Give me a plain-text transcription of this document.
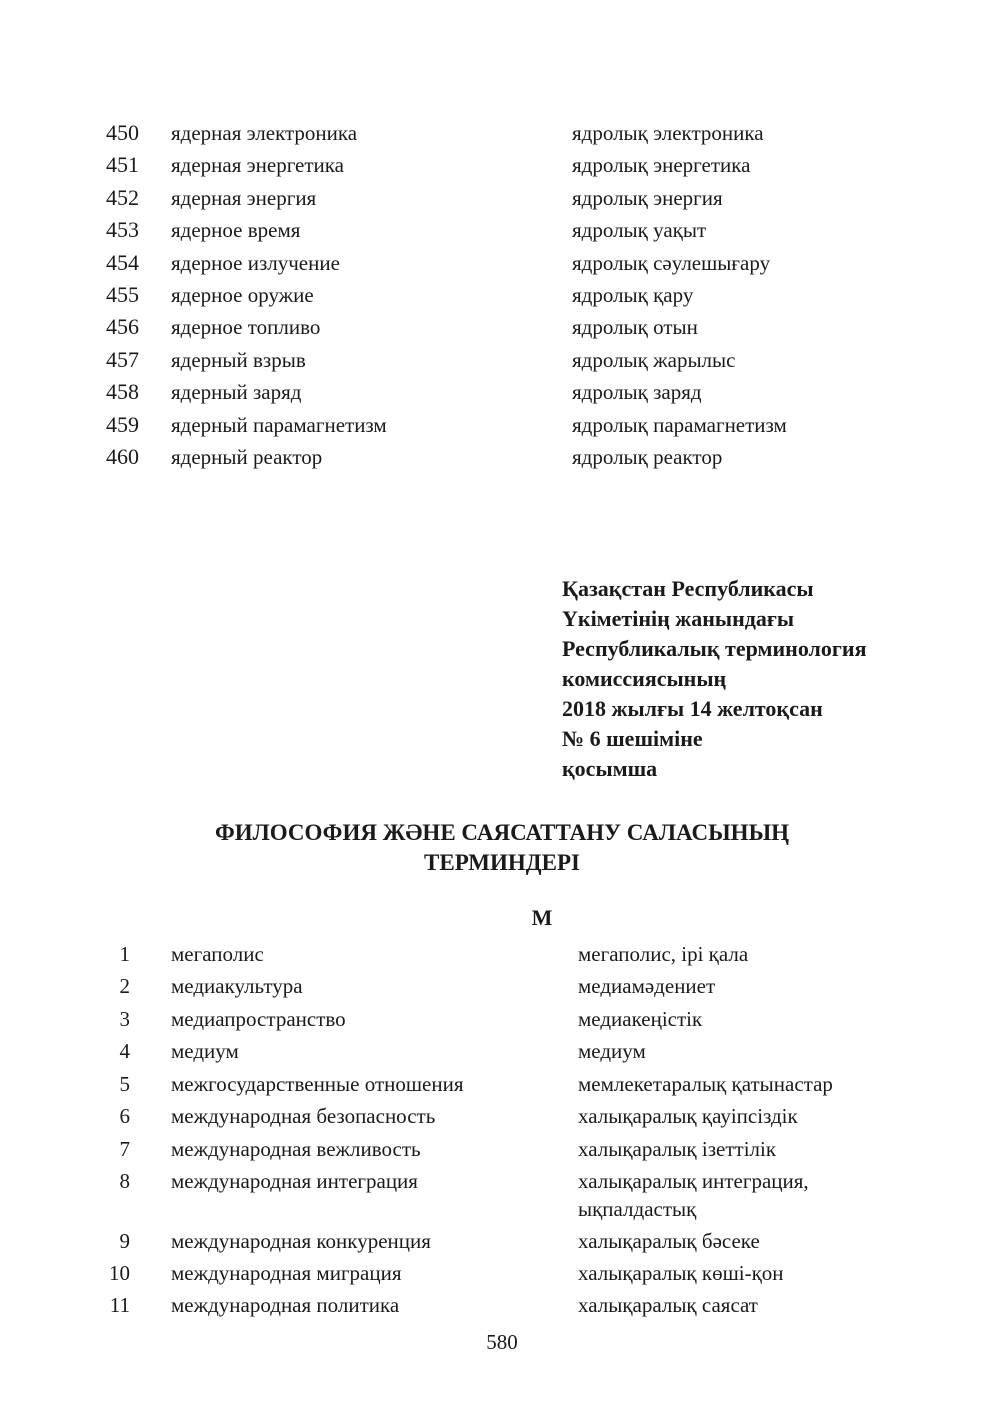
450 ядерная электроника	ядролық электроника
451 ядерная энергетика	ядролық энергетика
452 ядерная энергия	ядролық энергия
453 ядерное время	ядролық уақыт
454 ядерное излучение	ядролық сәулешығару
455 ядерное оружие	ядролық қару
456 ядерное топливо	ядролық отын
457 ядерный взрыв	ядролық жарылыс
458 ядерный заряд	ядролық заряд
459 ядерный парамагнетизм	ядролық парамагнетизм
460 ядерный реактор	ядролық реактор
Қазақстан Республикасы
Үкіметінің жанындағы
Республикалық терминология
комиссиясының
2018 жылғы 14 желтоқсан
№ 6 шешіміне
қосымша
ФИЛОСОФИЯ ЖӘНЕ САЯСАТТАНУ САЛАСЫНЫҢ
ТЕРМИНДЕРІ
М
1 мегаполис	мегаполис, ірі қала
2 медиакультура	медиамәдениет
3 медиапространство	медиакеңістік
4 медиум	медиум
5 межгосударственные отношения	мемлекетаралық қатынастар
6 международная безопасность	халықаралық қауіпсіздік
7 международная вежливость	халықаралық ізеттілік
8 международная интеграция	халықаралық интеграция,
ықпалдастық
9 международная конкуренция	халықаралық бәсеке
10 международная миграция	халықаралық көші-қон
11 международная политика	халықаралық саясат
580
